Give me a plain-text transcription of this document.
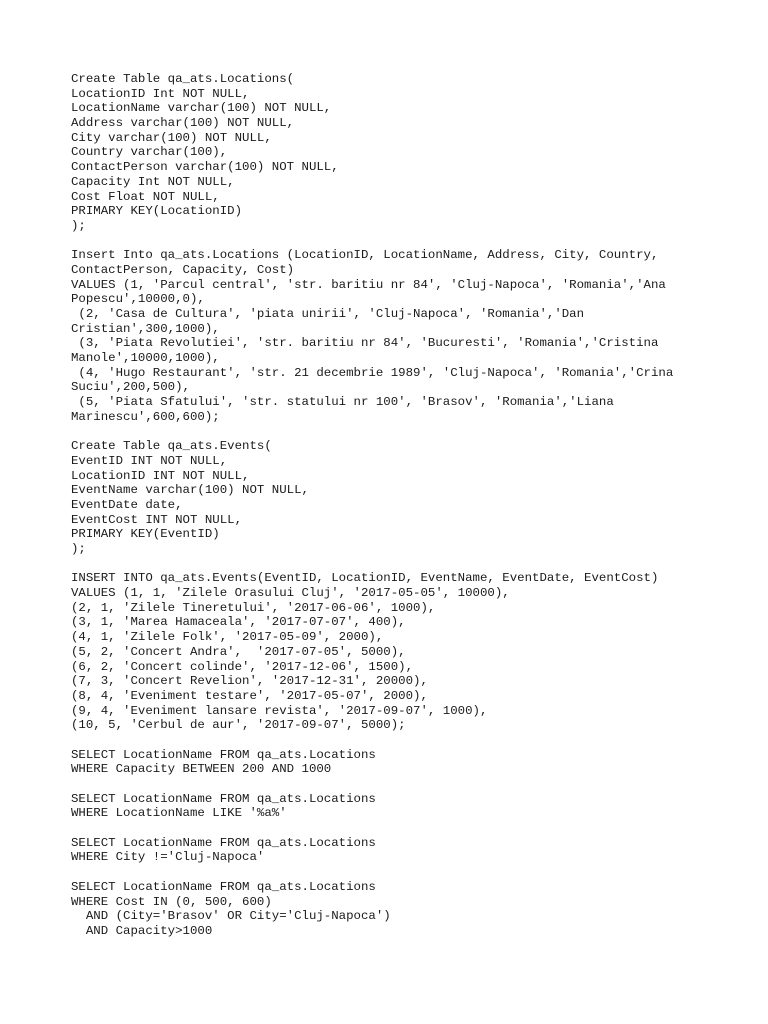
Create Table qa_ats.Locations(
LocationID Int NOT NULL,
LocationName varchar(100) NOT NULL,
Address varchar(100) NOT NULL,
City varchar(100) NOT NULL,
Country varchar(100),
ContactPerson varchar(100) NOT NULL,
Capacity Int NOT NULL,
Cost Float NOT NULL,
PRIMARY KEY(LocationID)
);
Insert Into qa_ats.Locations (LocationID, LocationName, Address, City, Country,
ContactPerson, Capacity, Cost)
VALUES (1, 'Parcul central', 'str. baritiu nr 84', 'Cluj-Napoca', 'Romania','Ana
Popescu',10000,0),
(2, 'Casa de Cultura', 'piata unirii', 'Cluj-Napoca', 'Romania','Dan
Cristian',300,1000),
(3, 'Piata Revolutiei', 'str. baritiu nr 84', 'Bucuresti', 'Romania','Cristina
Manole',10000,1000),
(4, 'Hugo Restaurant', 'str. 21 decembrie 1989', 'Cluj-Napoca', 'Romania','Crina
Suciu',200,500),
(5, 'Piata Sfatului', 'str. statului nr 100', 'Brasov', 'Romania','Liana
Marinescu',600,600);
Create Table qa_ats.Events(
EventID INT NOT NULL,
LocationID INT NOT NULL,
EventName varchar(100) NOT NULL,
EventDate date,
EventCost INT NOT NULL,
PRIMARY KEY(EventID)
);
INSERT INTO qa_ats.Events(EventID, LocationID, EventName, EventDate, EventCost)
VALUES (1, 1, 'Zilele Orasului Cluj', '2017-05-05', 10000),
(2, 1, 'Zilele Tineretului', '2017-06-06', 1000),
(3, 1, 'Marea Hamaceala', '2017-07-07', 400),
(4, 1, 'Zilele Folk', '2017-05-09', 2000),
(5, 2, 'Concert Andra',  '2017-07-05', 5000),
(6, 2, 'Concert colinde', '2017-12-06', 1500),
(7, 3, 'Concert Revelion', '2017-12-31', 20000),
(8, 4, 'Eveniment testare', '2017-05-07', 2000),
(9, 4, 'Eveniment lansare revista', '2017-09-07', 1000),
(10, 5, 'Cerbul de aur', '2017-09-07', 5000);
SELECT LocationName FROM qa_ats.Locations
WHERE Capacity BETWEEN 200 AND 1000
SELECT LocationName FROM qa_ats.Locations
WHERE LocationName LIKE '%a%'
SELECT LocationName FROM qa_ats.Locations
WHERE City !='Cluj-Napoca'
SELECT LocationName FROM qa_ats.Locations
WHERE Cost IN (0, 500, 600)
AND (City='Brasov' OR City='Cluj-Napoca')
AND Capacity>1000
